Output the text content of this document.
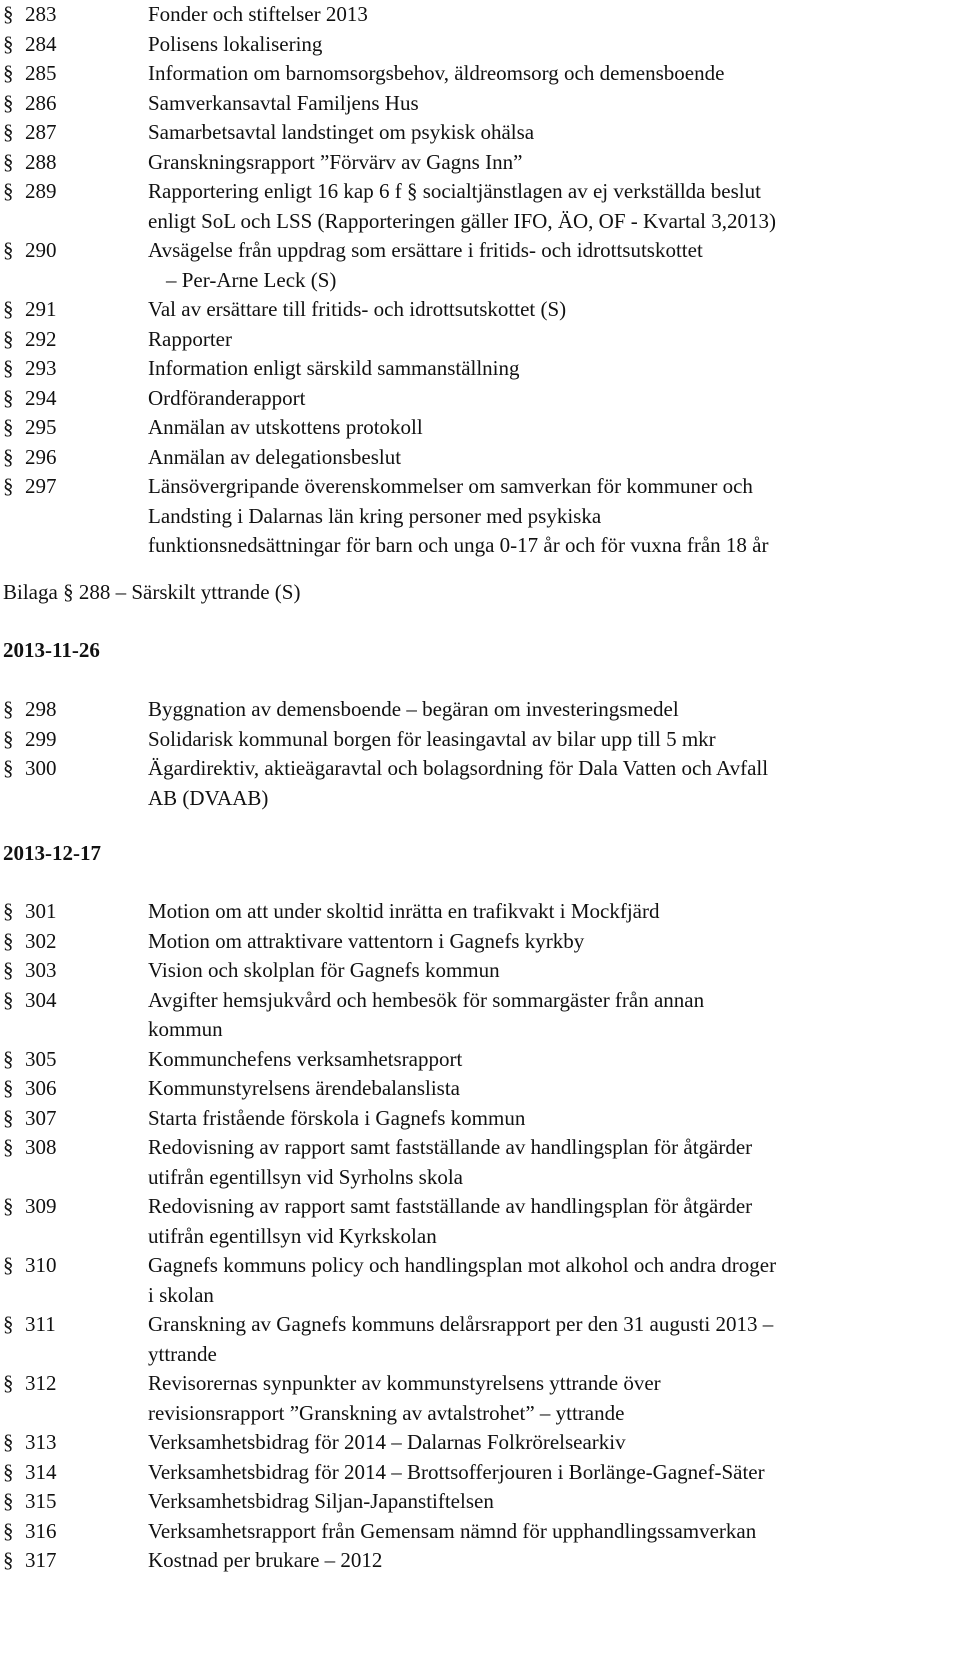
§ 283	Fonder och stiftelser 2013
§ 284	Polisens lokalisering
§ 285	Information om barnomsorgsbehov, äldreomsorg och demensboende
§ 286	Samverkansavtal Familjens Hus
§ 287	Samarbetsavtal landstinget om psykisk ohälsa
§ 288	Granskningsrapport ”Förvärv av Gagns Inn”
§ 289	Rapportering enligt 16 kap 6 f § socialtjänstlagen av ej verkställda beslut
enligt SoL och LSS (Rapporteringen gäller IFO, ÄO, OF - Kvartal 3,2013)
§ 290	Avsägelse från uppdrag som ersättare i fritids- och idrottsutskottet
– Per-Arne Leck (S)
§ 291	Val av ersättare till fritids- och idrottsutskottet (S)
§ 292	Rapporter
§ 293	Information enligt särskild sammanställning
§ 294	Ordföranderapport
§ 295	Anmälan av utskottens protokoll
§ 296	Anmälan av delegationsbeslut
§ 297	Länsövergripande överenskommelser om samverkan för kommuner och
Landsting i Dalarnas län kring personer med psykiska
funktionsnedsättningar för barn och unga 0-17 år och för vuxna från 18 år
Bilaga § 288 – Särskilt yttrande (S)
2013-11-26
§ 298	Byggnation av demensboende – begäran om investeringsmedel
§ 299	Solidarisk kommunal borgen för leasingavtal av bilar upp till 5 mkr
§ 300	Ägardirektiv, aktieägaravtal och bolagsordning för Dala Vatten och Avfall
AB (DVAAB)
2013-12-17
§ 301	Motion om att under skoltid inrätta en trafikvakt i Mockfjärd
§ 302	Motion om attraktivare vattentorn i Gagnefs kyrkby
§ 303	Vision och skolplan för Gagnefs kommun
§ 304	Avgifter hemsjukvård och hembesök för sommargäster från annan
kommun
§ 305	Kommunchefens verksamhetsrapport
§ 306	Kommunstyrelsens ärendebalanslista
§ 307	Starta fristående förskola i Gagnefs kommun
§ 308	Redovisning av rapport samt fastställande av handlingsplan för åtgärder
utifrån egentillsyn vid Syrholns skola
§ 309	Redovisning av rapport samt fastställande av handlingsplan för åtgärder
utifrån egentillsyn vid Kyrkskolan
§ 310	Gagnefs kommuns policy och handlingsplan mot alkohol och andra droger
i skolan
§ 311	Granskning av Gagnefs kommuns delårsrapport per den 31 augusti 2013 –
yttrande
§ 312	Revisorernas synpunkter av kommunstyrelsens yttrande över
revisionsrapport ”Granskning av avtalstrohet” – yttrande
§ 313	Verksamhetsbidrag för 2014 – Dalarnas Folkrörelsearkiv
§ 314	Verksamhetsbidrag för 2014 – Brottsofferjouren i Borlänge-Gagnef-Säter
§ 315	Verksamhetsbidrag Siljan-Japanstiftelsen
§ 316	Verksamhetsrapport från Gemensam nämnd för upphandlingssamverkan
§ 317	Kostnad per brukare – 2012
